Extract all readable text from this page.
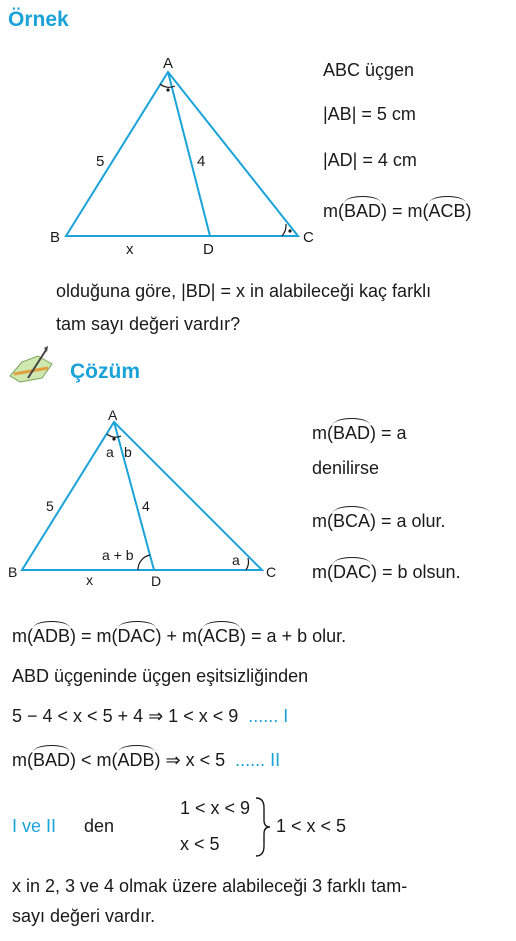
Örnek
A
B	C
D
5	4
x
ABC üçgen
|AB| = 5 cm
|AD| = 4 cm
m(BAD) = m(ACB)
olduğuna göre, |BD| = x in alabileceği kaç farklı
tam sayı değeri vardır?
Çözüm
A
B	C
D
5	4
x
a b
a + b	a
m(BAD) = a
denilirse
m(BCA) = a olur.
m(DAC) = b olsun.
m(ADB) = m(DAC) + m(ACB) = a + b olur.
ABD üçgeninde üçgen eşitsizliğinden
5 − 4 < x < 5 + 4 ⇒ 1 < x < 9 ...... I
m(BAD) < m(ADB) ⇒ x < 5 ...... II
I ve II den
1 < x < 9
x < 5
1 < x < 5
x in 2, 3 ve 4 olmak üzere alabileceği 3 farklı tam-
sayı değeri vardır.
